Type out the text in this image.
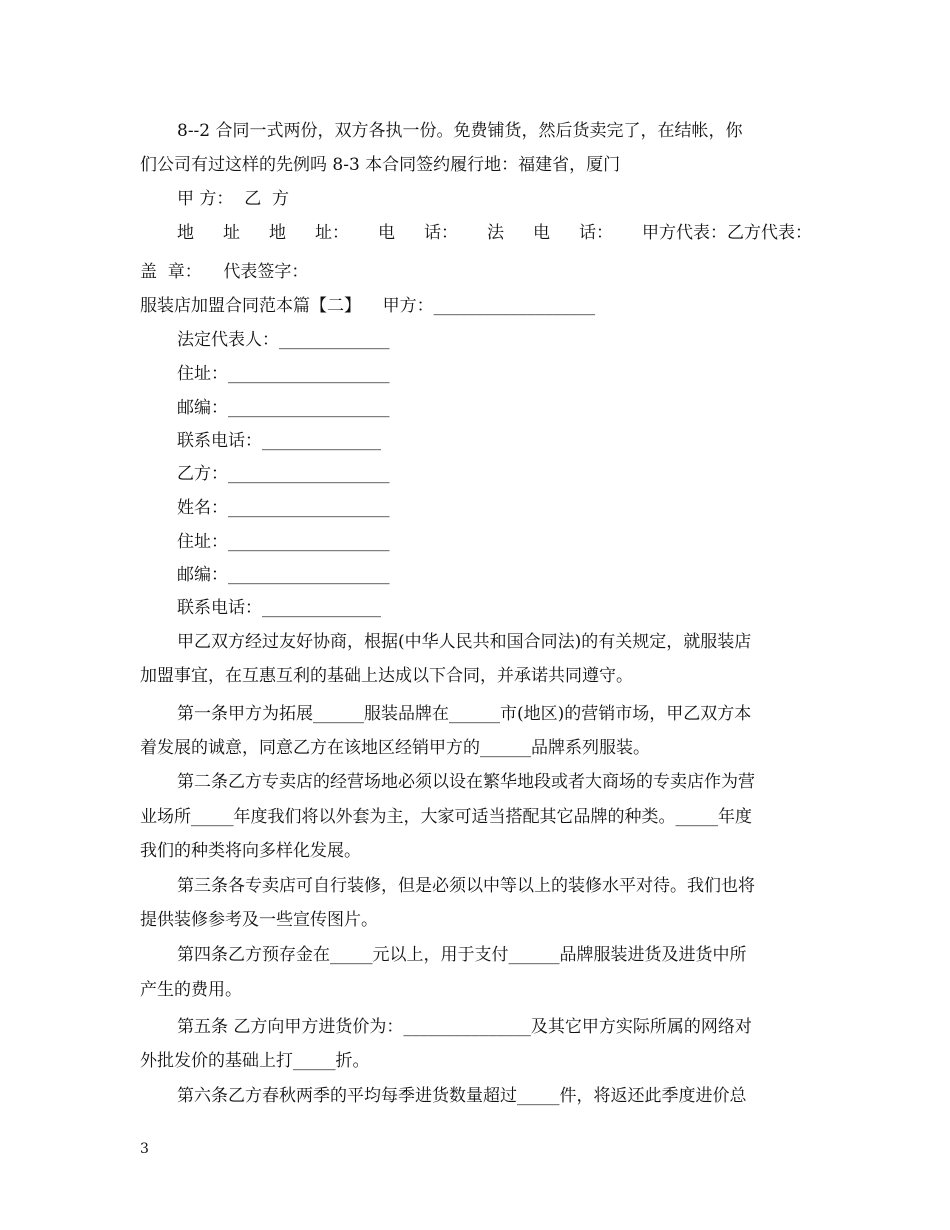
8--2 合同一式两份，双方各执一份。免费铺货，然后货卖完了，在结帐，你
们公司有过这样的先例吗 8-3 本合同签约履行地：福建省，厦门
甲 方：  乙  方
地 址 地 址： 电 话： 法 电 话： 甲方代表：乙方代表：
盖  章：    代表签字：
服装店加盟合同范本篇【二】    甲方：___________________
法定代表人：_____________
住址：___________________
邮编：___________________
联系电话：______________
乙方：___________________
姓名：___________________
住址：___________________
邮编：___________________
联系电话：______________
甲乙双方经过友好协商，根据(中华人民共和国合同法)的有关规定，就服装店
加盟事宜，在互惠互利的基础上达成以下合同，并承诺共同遵守。
第一条甲方为拓展______服装品牌在______市(地区)的营销市场，甲乙双方本
着发展的诚意，同意乙方在该地区经销甲方的______品牌系列服装。
第二条乙方专卖店的经营场地必须以设在繁华地段或者大商场的专卖店作为营
业场所_____年度我们将以外套为主，大家可适当搭配其它品牌的种类。_____年度
我们的种类将向多样化发展。
第三条各专卖店可自行装修，但是必须以中等以上的装修水平对待。我们也将
提供装修参考及一些宣传图片。
第四条乙方预存金在_____元以上，用于支付______品牌服装进货及进货中所
产生的费用。
第五条 乙方向甲方进货价为：_______________及其它甲方实际所属的网络对
外批发价的基础上打_____折。
第六条乙方春秋两季的平均每季进货数量超过_____件，将返还此季度进价总
3
